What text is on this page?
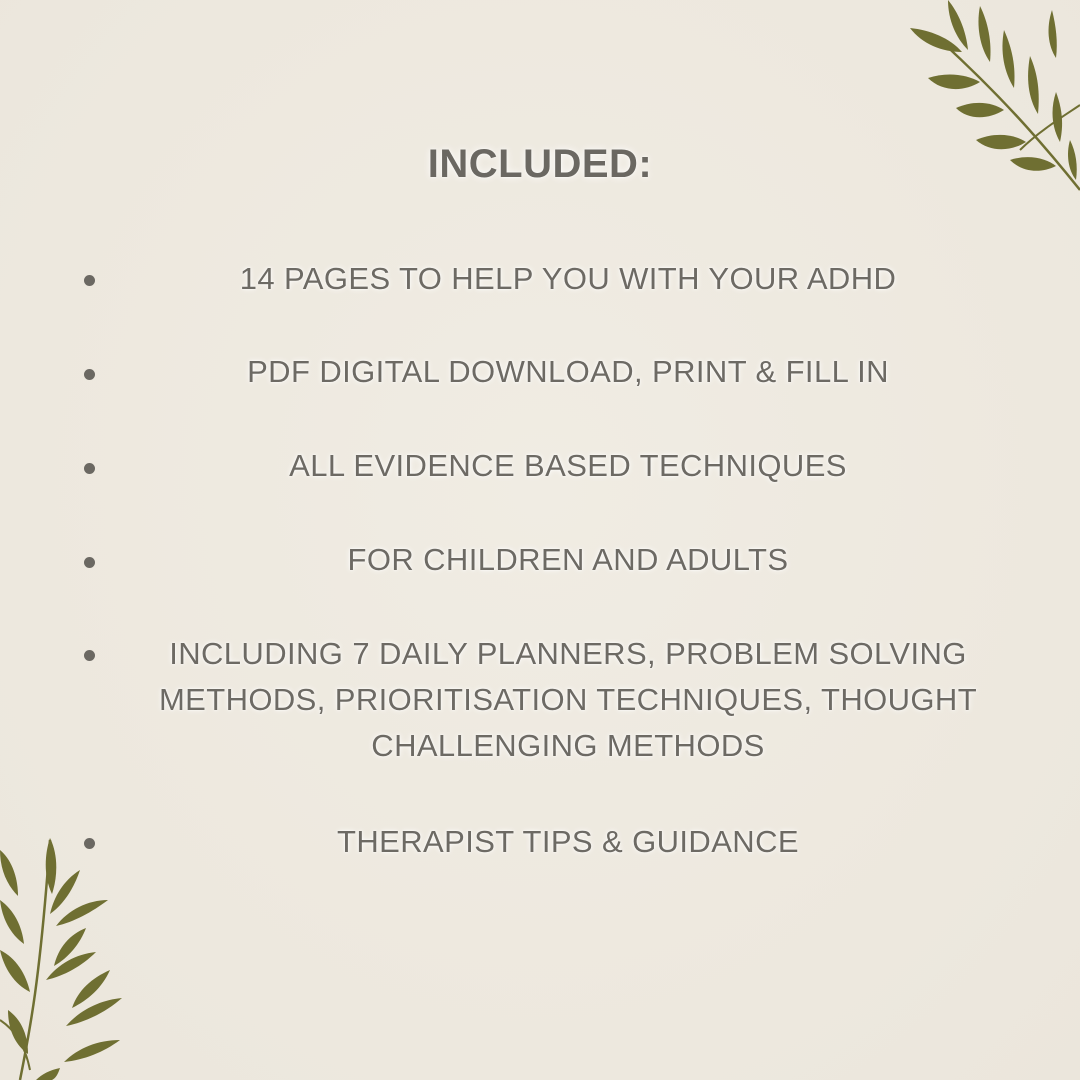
INCLUDED:
14 PAGES TO HELP YOU WITH YOUR ADHD
PDF DIGITAL DOWNLOAD, PRINT & FILL IN
ALL EVIDENCE BASED TECHNIQUES
FOR CHILDREN AND ADULTS
INCLUDING 7 DAILY PLANNERS, PROBLEM SOLVING METHODS, PRIORITISATION TECHNIQUES, THOUGHT CHALLENGING METHODS
THERAPIST TIPS & GUIDANCE
